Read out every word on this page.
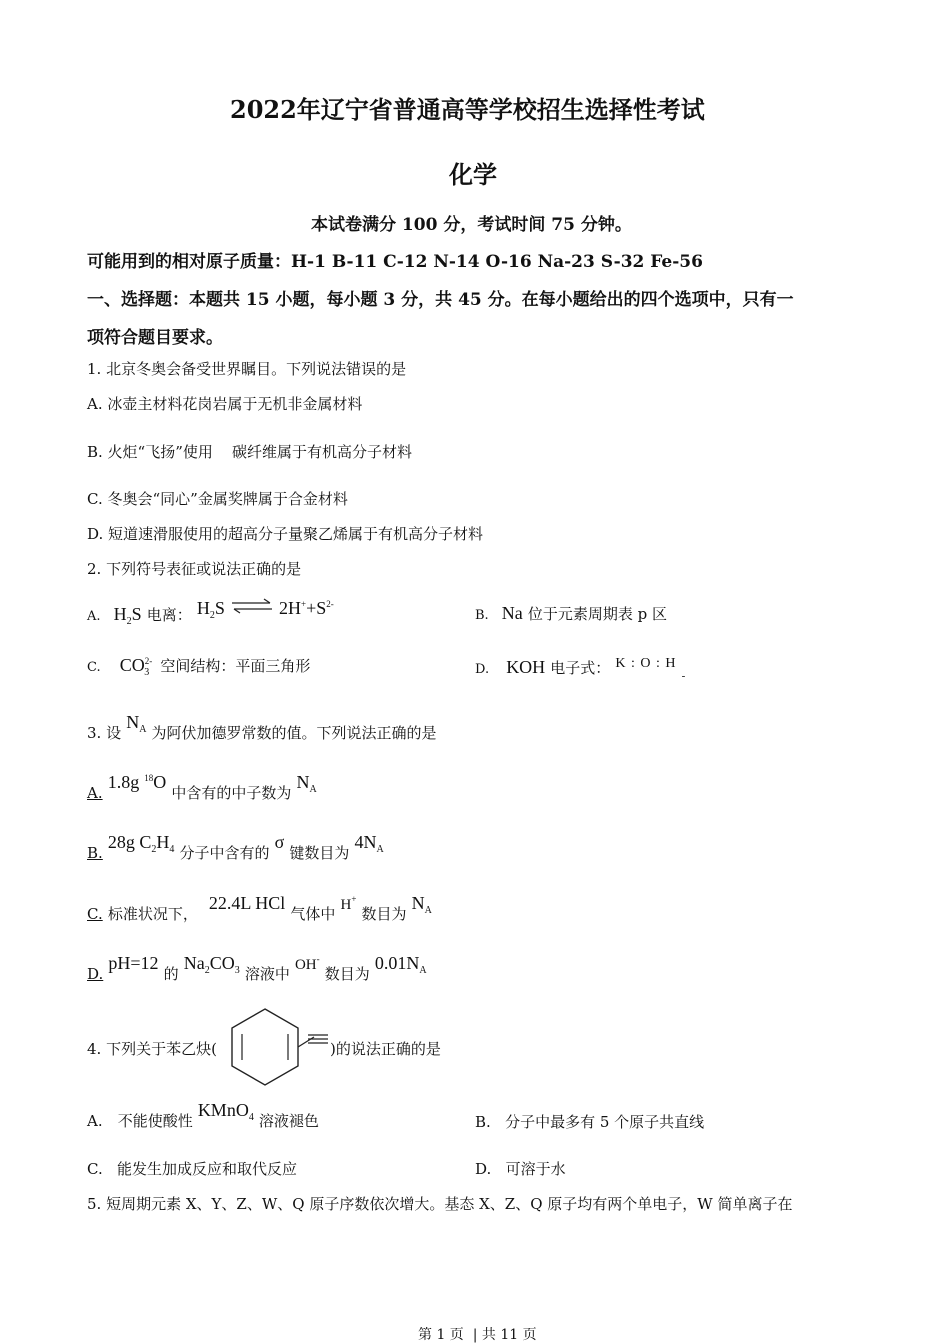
2022年辽宁省普通高等学校招生选择性考试
化学
本试卷满分 100 分，考试时间 75 分钟。
可能用到的相对原子质量：H-1 B-11 C-12 N-14 O-16 Na-23 S-32 Fe-56
一、选择题：本题共 15 小题，每小题 3 分，共 45 分。在每小题给出的四个选项中，只有一
项符合题目要求。
1. 北京冬奥会备受世界瞩目。下列说法错误的是
A. 冰壶主材料花岗岩属于无机非金属材料
B. 火炬“飞扬”使用    碳纤维属于有机高分子材料
C. 冬奥会“同心”金属奖牌属于合金材料
D. 短道速滑服使用的超高分子量聚乙烯属于有机高分子材料
2. 下列符号表征或说法正确的是
A. $H_2S$ 电离： $H_2S$ ⇌ $2H^++S^{2-}$
B. Na 位于元素周期表 p 区
C. $CO^{2-}_3$ 空间结构：平面三角形	D. KOH 电子式： K : O : H $_-$
3. 设 $N_A$ 为阿伏加德罗常数的值。下列说法正确的是
A. 1.8g $^{18}$O 中含有的中子数为 $N_A$
B. 28g $C_2H_4$ 分子中含有的 σ 键数目为 $4N_A$
C. 标准状况下， 22.4L HCl 气体中 H+ 数目为 $N_A$
D. pH=12 的 $Na_2CO_3$ 溶液中 OH- 数目为 $0.01N_A$
4. 下列关于苯乙炔(	)的说法正确的是
A. 不能使酸性 KMnO$_4$ 溶液褪色	B.   分子中最多有 5 个原子共直线
C.   能发生加成反应和取代反应	D.   可溶于水
5. 短周期元素 X、Y、Z、W、Q 原子序数依次增大。基态 X、Z、Q 原子均有两个单电子，W 简单离子在
第 1 页  | 共 11 页
